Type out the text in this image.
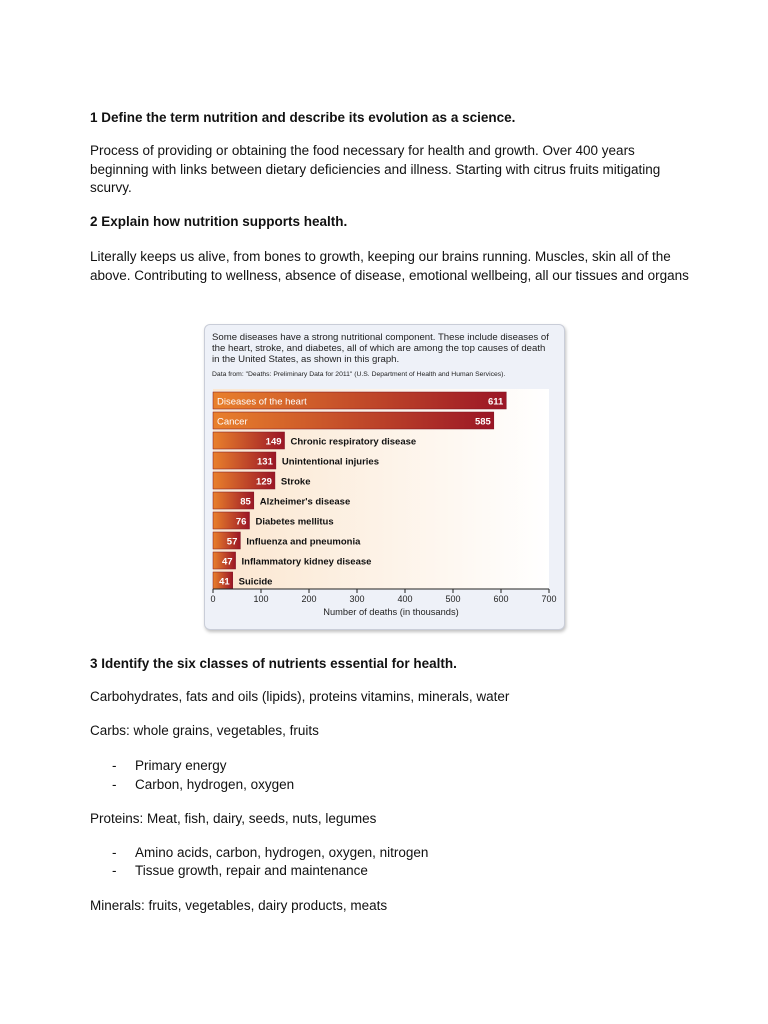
1 Define the term nutrition and describe its evolution as a science.

Process of providing or obtaining the food necessary for health and growth. Over 400 years beginning with links between dietary deficiencies and illness. Starting with citrus fruits mitigating scurvy.

2 Explain how nutrition supports health.

Literally keeps us alive, from bones to growth, keeping our brains running. Muscles, skin all of the above. Contributing to wellness, absence of disease, emotional wellbeing, all our tissues and organs

Some diseases have a strong nutritional component. These include diseases of the heart, stroke, and diabetes, all of which are among the top causes of death in the United States, as shown in this graph.
Data from: "Deaths: Preliminary Data for 2011" (U.S. Department of Health and Human Services).
611
Diseases of the heart
585
Cancer
149 Chronic respiratory disease
131 Unintentional injuries
129 Stroke
85 Alzheimer's disease
76 Diabetes mellitus
57 Influenza and pneumonia
47 Inflammatory kidney disease
41 Suicide
0	100	200	300	400	500	600	700
Number of deaths (in thousands)

3 Identify the six classes of nutrients essential for health.

Carbohydrates, fats and oils (lipids), proteins vitamins, minerals, water

Carbs: whole grains, vegetables, fruits

- Primary energy

- Carbon, hydrogen, oxygen

Proteins: Meat, fish, dairy, seeds, nuts, legumes

- Amino acids, carbon, hydrogen, oxygen, nitrogen

- Tissue growth, repair and maintenance

Minerals: fruits, vegetables, dairy products, meats
